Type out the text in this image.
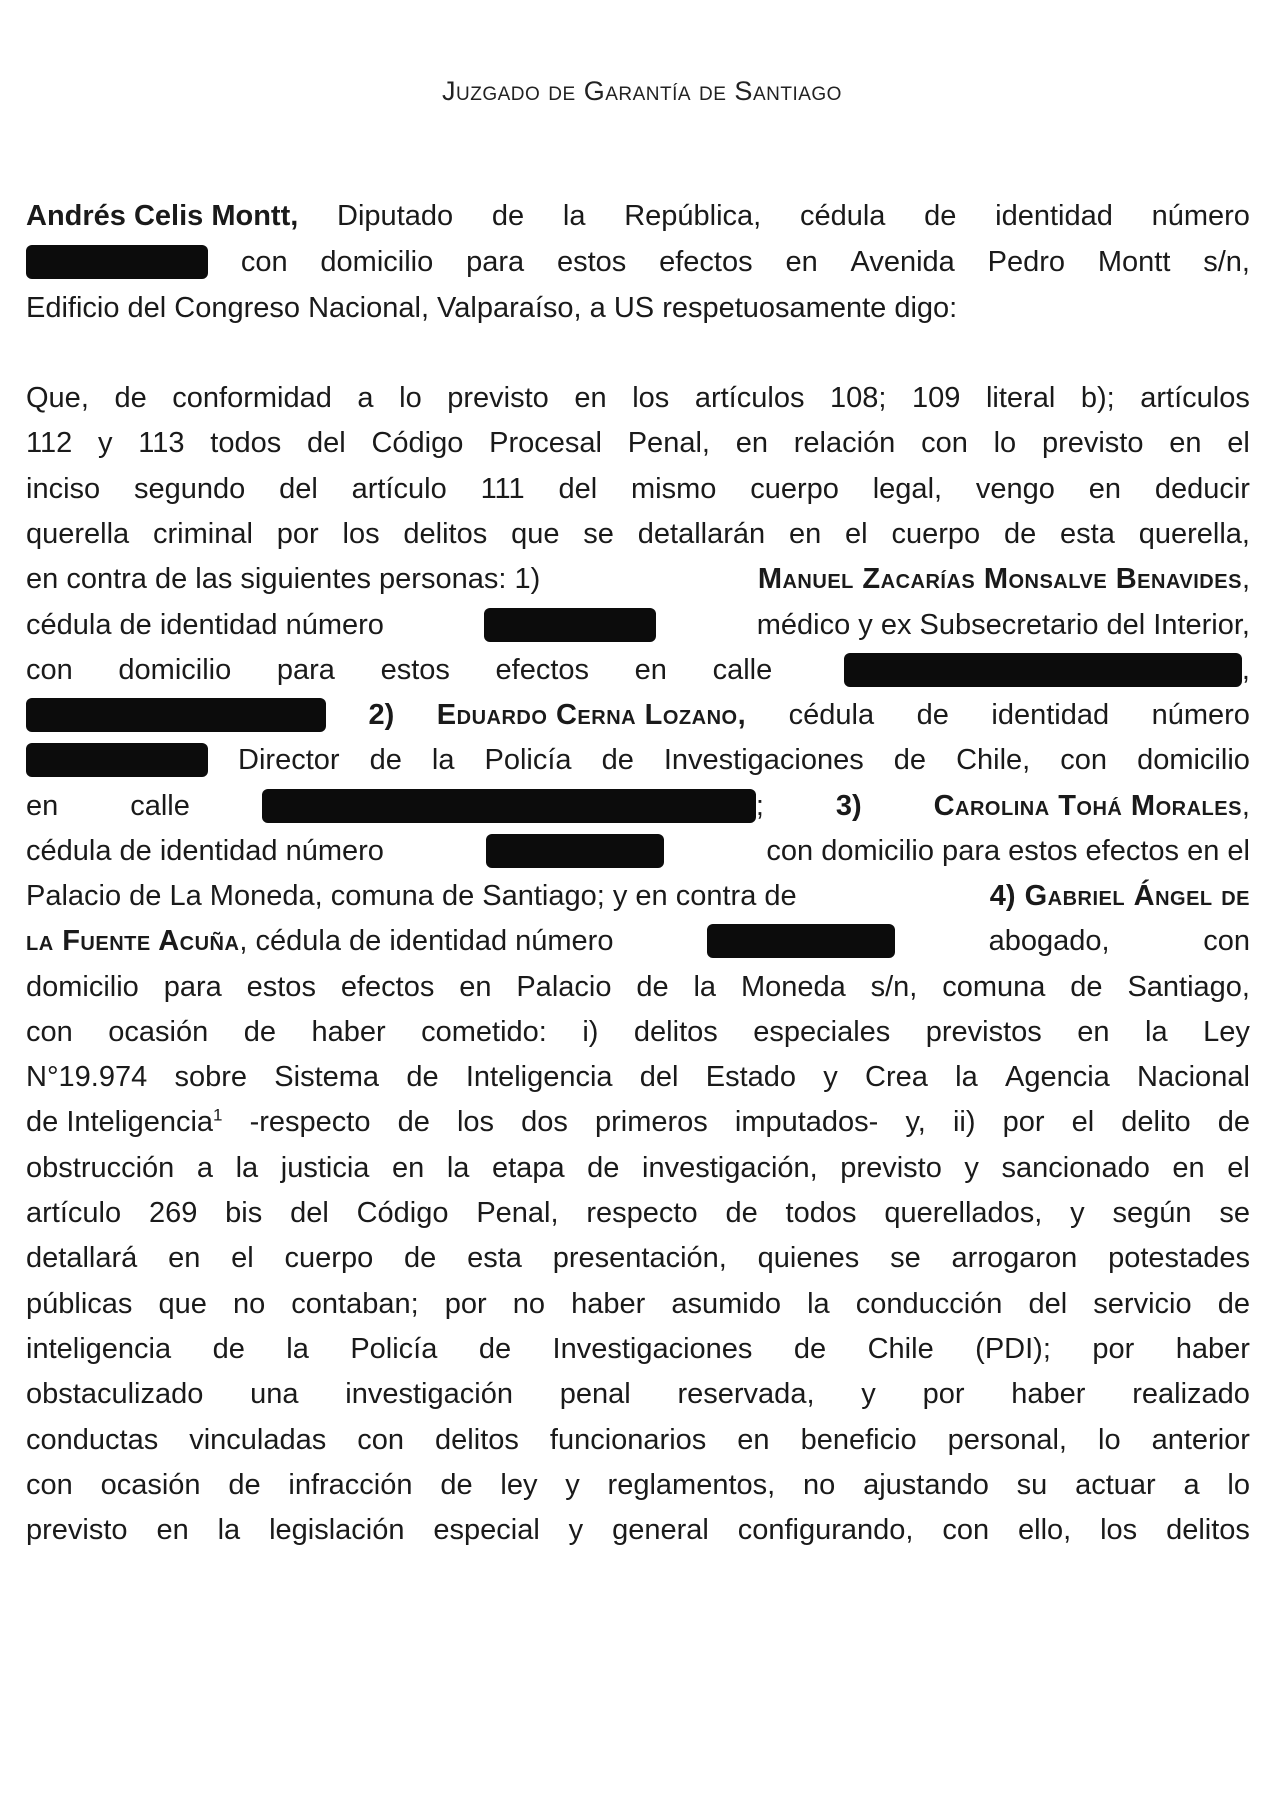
Juzgado de Garantía de Santiago
Andrés Celis Montt, Diputado de la República, cédula de identidad número
con domicilio para estos efectos en Avenida Pedro Montt s/n,
Edificio del Congreso Nacional, Valparaíso, a US respetuosamente digo:
Que, de conformidad a lo previsto en los artículos 108; 109 literal b); artículos
112 y 113 todos del Código Procesal Penal, en relación con lo previsto en el
inciso segundo del artículo 111 del mismo cuerpo legal, vengo en deducir
querella criminal por los delitos que se detallarán en el cuerpo de esta querella,
en contra de las siguientes personas: 1)	Manuel Zacarías Monsalve Benavides,
cédula de identidad número	médico y ex Subsecretario del Interior,
con domicilio para estos efectos en calle	,
2) Eduardo Cerna Lozano, cédula de identidad número
Director de la Policía de Investigaciones de Chile, con domicilio
en calle	; 3) Carolina Tohá Morales,
cédula de identidad número	con domicilio para estos efectos en el
Palacio de La Moneda, comuna de Santiago; y en contra de	4) Gabriel Ángel de
la Fuente Acuña, cédula de identidad número	abogado,	con
domicilio para estos efectos en Palacio de la Moneda s/n, comuna de Santiago,
con ocasión de haber cometido: i) delitos especiales previstos en la Ley
N°19.974 sobre Sistema de Inteligencia del Estado y Crea la Agencia Nacional
de Inteligencia$^1$ -respecto de los dos primeros imputados- y, ii) por el delito de
obstrucción a la justicia en la etapa de investigación, previsto y sancionado en el
artículo 269 bis del Código Penal, respecto de todos querellados, y según se
detallará en el cuerpo de esta presentación, quienes se arrogaron potestades
públicas que no contaban; por no haber asumido la conducción del servicio de
inteligencia de la Policía de Investigaciones de Chile (PDI); por haber
obstaculizado una investigación penal reservada, y por haber realizado
conductas vinculadas con delitos funcionarios en beneficio personal, lo anterior
con ocasión de infracción de ley y reglamentos, no ajustando su actuar a lo
previsto en la legislación especial y general configurando, con ello, los delitos
